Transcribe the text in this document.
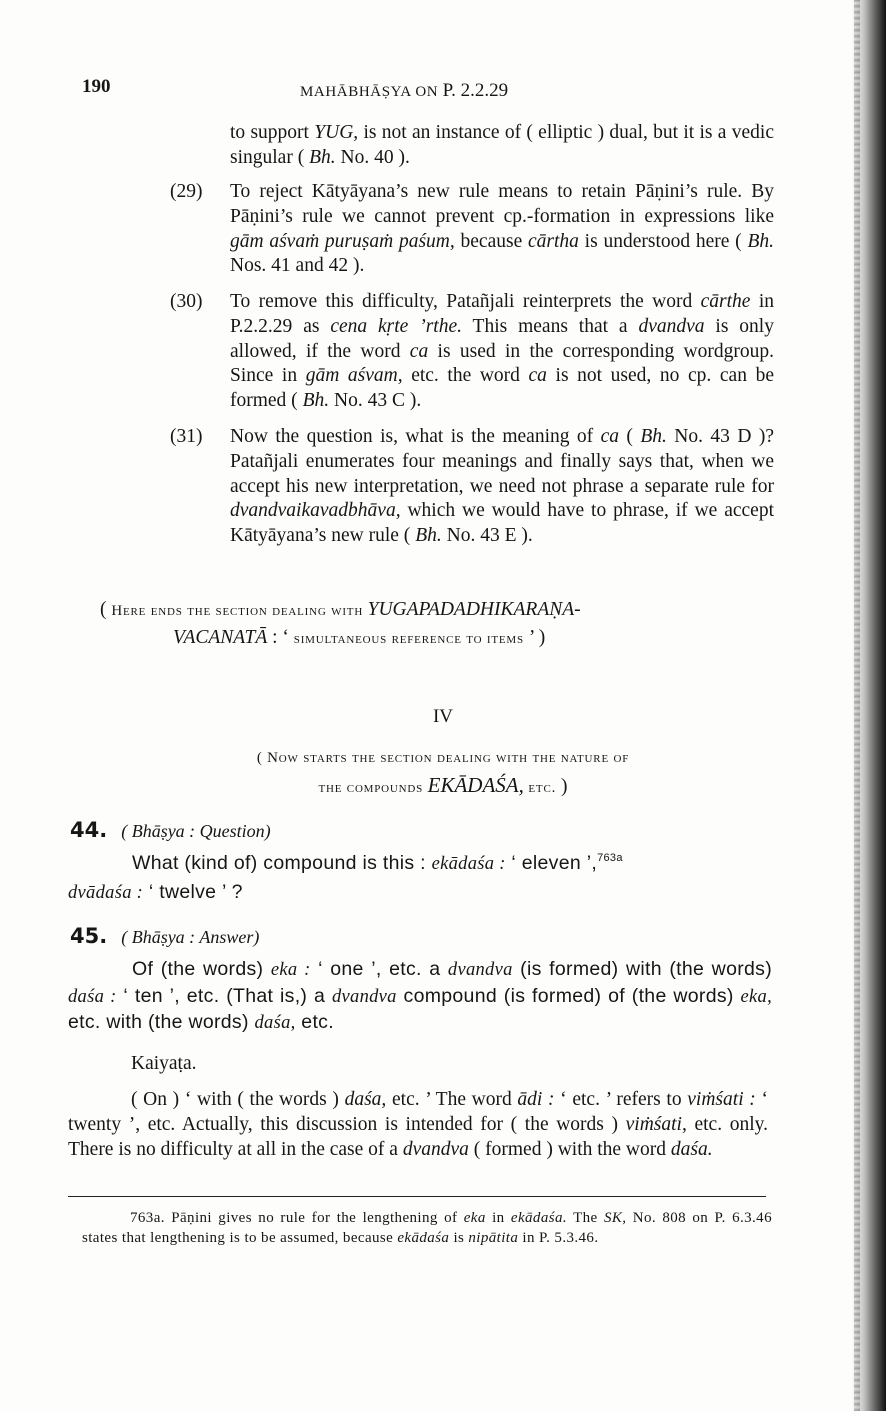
190	MAHĀBHĀṢYA ON P. 2.2.29
to support YUG, is not an instance of ( elliptic ) dual, but it is a vedic singular ( Bh. No. 40 ).
(29) To reject Kātyāyana’s new rule means to retain Pāṇini’s rule. By Pāṇini’s rule we cannot prevent cp.-formation in expressions like gām aśvaṁ puruṣaṁ paśum, because cārtha is understood here ( Bh. Nos. 41 and 42 ).
(30) To remove this difficulty, Patañjali reinterprets the word cārthe in P.2.2.29 as cena kṛte ’rthe. This means that a dvandva is only allowed, if the word ca is used in the corresponding wordgroup. Since in gām aśvam, etc. the word ca is not used, no cp. can be formed ( Bh. No. 43 C ).
(31) Now the question is, what is the meaning of ca ( Bh. No. 43 D )? Patañjali enumerates four meanings and finally says that, when we accept his new interpretation, we need not phrase a separate rule for dvandvaikavadbhāva, which we would have to phrase, if we accept Kātyāyana’s new rule ( Bh. No. 43 E ).
( Here ends the section dealing with YUGAPADADHIKARAṆA-
VACANATĀ : ‘ simultaneous reference to items ’ )
IV
( Now starts the section dealing with the nature of
the compounds EKĀDAŚA, etc. )
44. ( Bhāṣya : Question)
What (kind of) compound is this : ekādaśa : ‘ eleven ’,$^{763a}$
dvādaśa : ‘ twelve ’ ?
45. ( Bhāṣya : Answer)
Of (the words) eka : ‘ one ’, etc. a dvandva (is formed) with (the words) daśa : ‘ ten ’, etc. (That is,) a dvandva compound (is formed) of (the words) eka, etc. with (the words) daśa, etc.
Kaiyaṭa.
( On ) ‘ with ( the words ) daśa, etc. ’ The word ādi : ‘ etc. ’ refers to viṁśati : ‘ twenty ’, etc. Actually, this discussion is intended for ( the words ) viṁśati, etc. only. There is no difficulty at all in the case of a dvandva ( formed ) with the word daśa.
763a. Pāṇini gives no rule for the lengthening of eka in ekādaśa. The SK, No. 808 on P. 6.3.46 states that lengthening is to be assumed, because ekādaśa is nipātita in P. 5.3.46.
